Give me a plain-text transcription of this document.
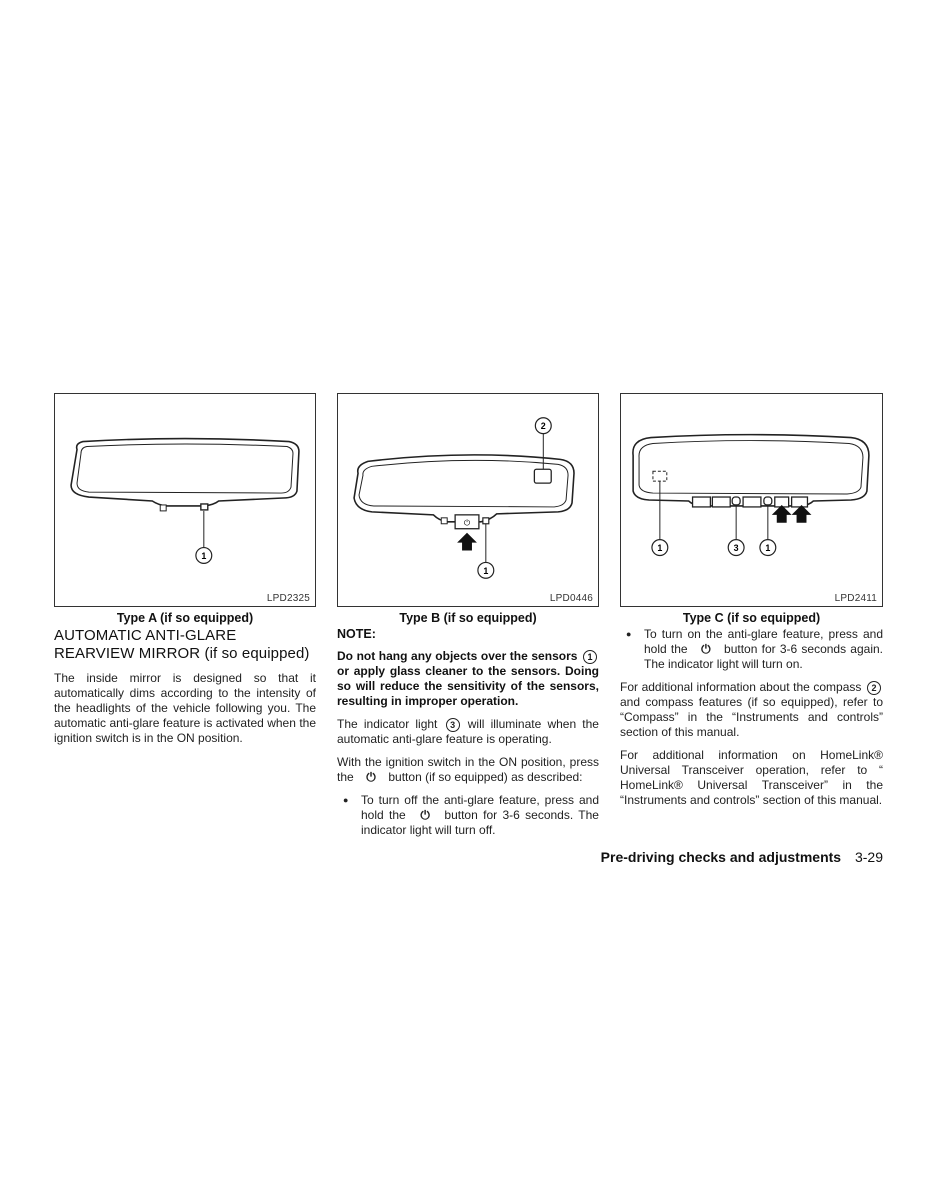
1
LPD2325
Type A (if so equipped)
AUTOMATIC ANTI-GLARE
REARVIEW MIRROR (if so equipped)

The inside mirror is designed so that it automatically dims according to the intensity of the headlights of the vehicle following you. The automatic anti-glare feature is activated when the ignition switch is in the ON position.

2
⏻
1
LPD0446
Type B (if so equipped)
NOTE:

Do not hang any objects over the sensors 1 or apply glass cleaner to the sensors. Doing so will reduce the sensitivity of the sensors, resulting in improper operation.

The indicator light 3 will illuminate when the automatic anti-glare feature is operating.

With the ignition switch in the ON position, press the ⏻ button (if so equipped) as described:

● To turn off the anti-glare feature, press and hold the ⏻ button for 3-6 seconds. The indicator light will turn off.
1	3	1
LPD2411
Type C (if so equipped)
● To turn on the anti-glare feature, press and hold the ⏻ button for 3-6 seconds again. The indicator light will turn on.

For additional information about the compass 2 and compass features (if so equipped), refer to “Compass” in the “Instruments and controls” section of this manual.

For additional information on HomeLink® Universal Transceiver operation, refer to “ HomeLink® Universal Transceiver” in the “Instruments and controls” section of this manual.

Pre-driving checks and adjustments 3-29
